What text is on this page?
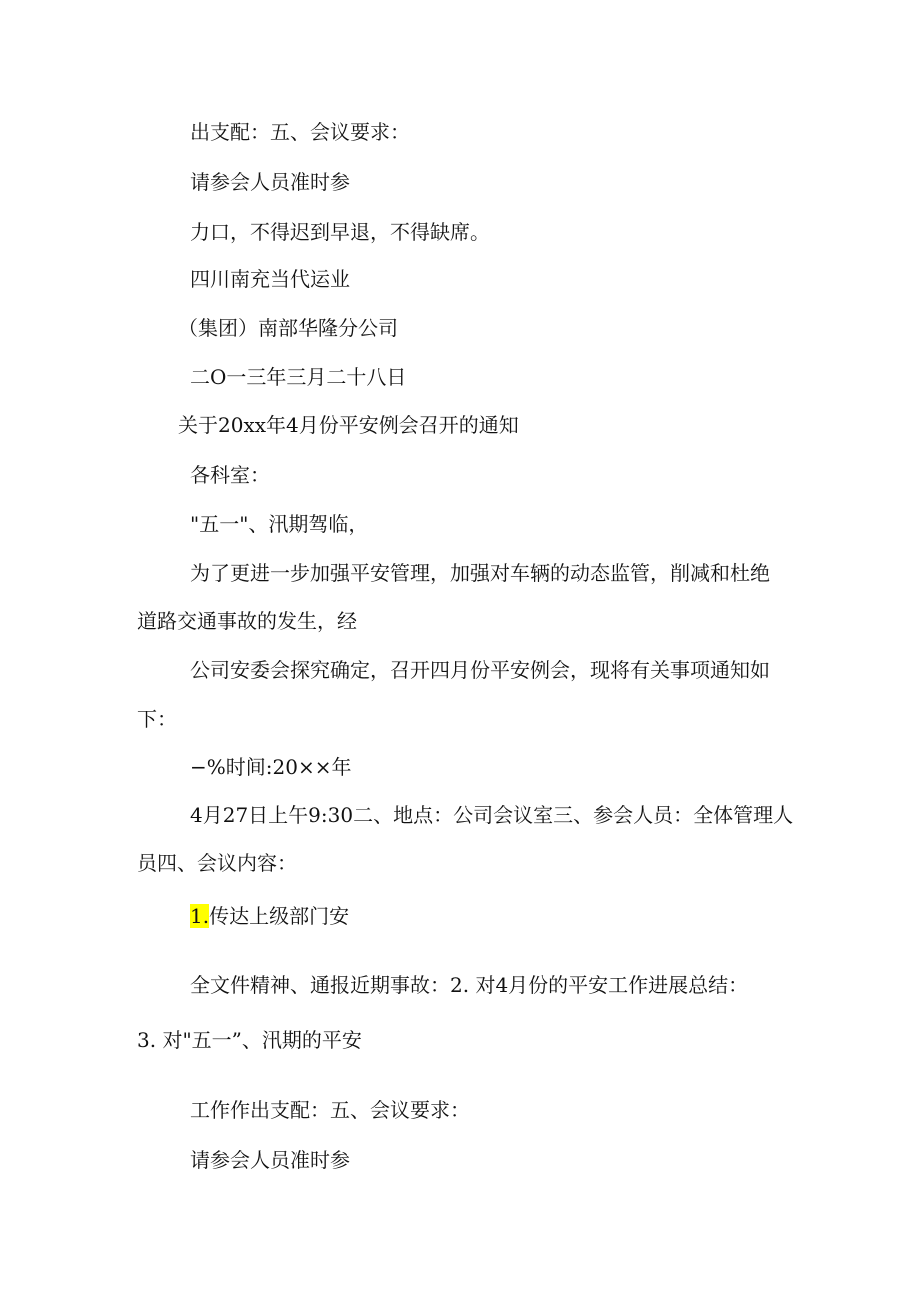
出支配：五、会议要求：
请参会人员准时参
力口，不得迟到早退，不得缺席。
四川南充当代运业
（集团）南部华隆分公司
二O一三年三月二十八日
关于20xx年4月份平安例会召开的通知
各科室：
"五一"、汛期驾临，
为了更进一步加强平安管理，加强对车辆的动态监管，削减和杜绝
道路交通事故的发生，经
公司安委会探究确定，召开四月份平安例会，现将有关事项通知如
下：
−%时间:20××年
4月27日上午9:30二、地点：公司会议室三、参会人员：全体管理人
员四、会议内容：
1.传达上级部门安
全文件精神、通报近期事故：2. 对4月份的平安工作进展总结：
3. 对"五一”、汛期的平安
工作作出支配：五、会议要求：
请参会人员准时参
